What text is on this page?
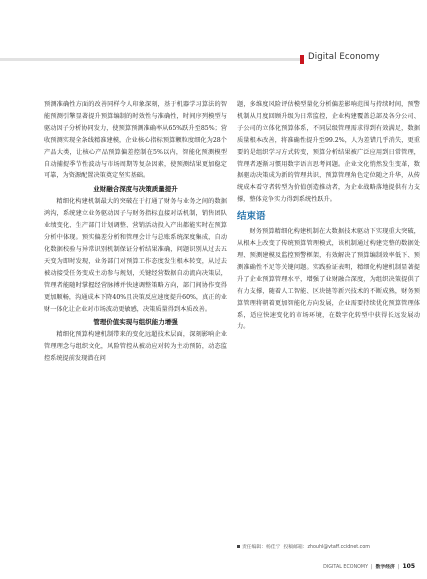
Digital Economy

预测准确性方面的改善同样令人印象深刻，基于机器学习算法的智能预测引擎显著提升预算编制的时效性与准确性，时间序列模型与驱动因子分析协同发力，使预算预测准确率从65%跃升至85%；营收预测实现全条线精准建模，企业核心指标预算颗粒度细化为28个产品大类，让核心产品预算偏差控制在5%以内，智能化预测模型自动捕捉季节性波动与市场周期等复杂因素，使预测结果更加稳定可靠，为资源配置决策奠定坚实基础。

业财融合深度与决策质量提升

精细化构建机制最大的突破在于打通了财务与业务之间的数据鸿沟，系统建立业务驱动因子与财务指标直接对话机制，销售团队业绩变化、生产部门计划调整、营销活动投入产出都能实时在预算分析中体现。预实偏差分析和管理会计与总账系统深度集成，自动化数据校验与异常识别机制保证分析结果准确，问题识别从过去五天变为即时发现，业务部门对预算工作态度发生根本转变，从过去被动接受任务变成主动参与规划，关键经营数据自动流向决策层，管理者能随时掌握经营脉搏并快速调整策略方向，部门间协作变得更加顺畅，沟通成本下降40%且决策反应速度提升60%，真正的业财一体化让企业对市场波动更敏感，决策质量得到本质改善。

管理价值实现与组织能力增强

精细化预算构建机制带来的变化远超技术层面，深刻影响企业管理理念与组织文化，风险管控从被动应对转为主动预防，动态监控系统提前发现潜在问

题，多维度风险评估模型量化分析偏差影响范围与持续时间，预警机制从月度回顾升级为日常监控，企业构建覆盖总部及各分公司、子公司的立体化预算体系，不同层级管理需求得到有效满足，数据质量根本改善，将准确性提升至99.2%，人为差错几乎消失，更重要的是组织学习方式转变，预算分析结果被广泛应用到日常管理，管理者逐渐习惯用数字语言思考问题。企业文化悄然发生变革，数据驱动决策成为新的管理共识，预算管理角色定位随之升华，从传统成本看守者转型为价值创造推动者，为企业战略落地提供有力支撑，整体竞争实力得到系统性跃升。

结束语

财务预算精细化构建机制在大数据技术驱动下实现重大突破，从根本上改变了传统预算管理模式，该机制通过构建完整的数据处理、预测建模及监控预警框架，有效解决了预算编制效率低下、预测准确性不足等关键问题。实践验证表明，精细化构建机制显著提升了企业预算管理水平，增强了业财融合深度，为组织决策提供了有力支撑，随着人工智能、区块链等新兴技术的不断成熟，财务预算管理将朝着更加智能化方向发展，企业需要持续优化预算管理体系，适应快速变化的市场环境，在数字化转型中获得长远发展动力。

责任编辑：杨佳宁 投稿邮箱：zhouhl@vtaff.ccidnet.com
DIGITAL ECONOMY | 数字经济 | 105
